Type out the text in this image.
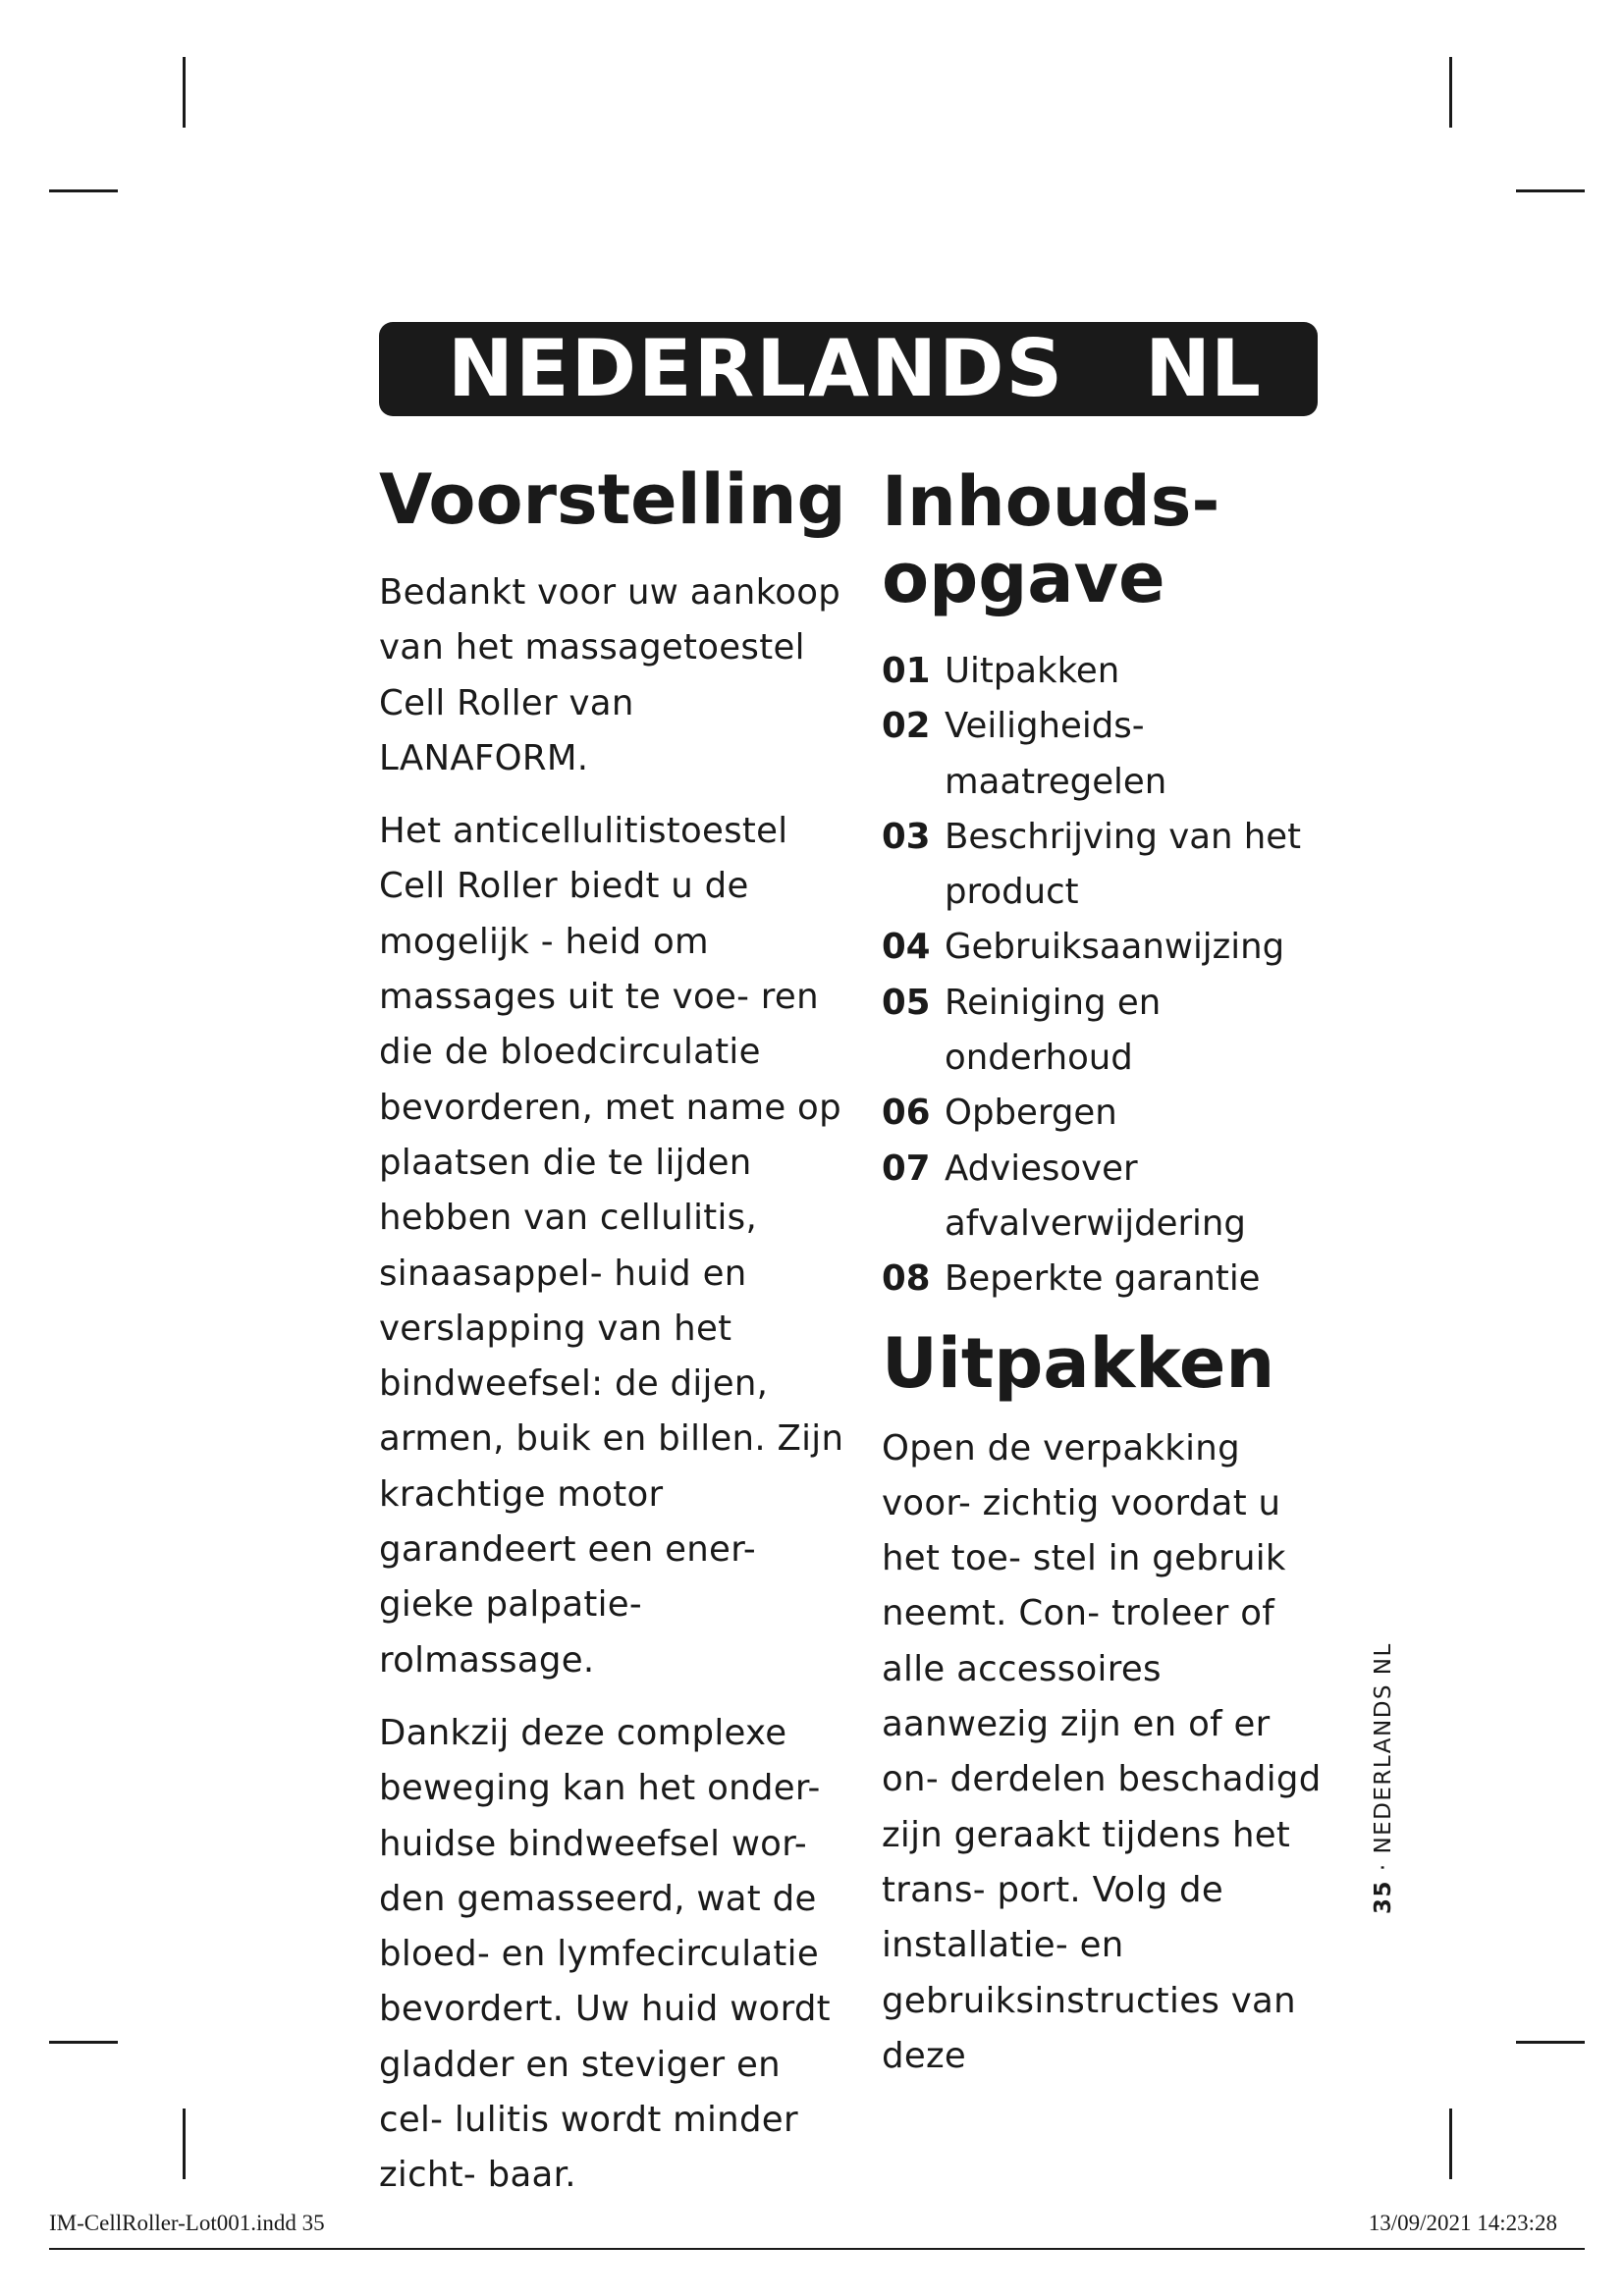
NEDERLANDS NL
Voorstelling

Bedankt voor uw aankoop van het massagetoestel Cell Roller van LANAFORM.

Het anticellulitistoestel Cell Roller biedt u de mogelijk - heid om massages uit te voe- ren die de bloedcirculatie bevorderen, met name op plaatsen die te lijden hebben van cellulitis, sinaasappel- huid en verslapping van het bindweefsel: de dijen, armen, buik en billen. Zijn krachtige motor garandeert een ener- gieke palpatie-rolmassage.

Dankzij deze complexe beweging kan het onder- huidse bindweefsel wor- den gemasseerd, wat de bloed- en lymfecirculatie bevordert. Uw huid wordt gladder en steviger en cel- lulitis wordt minder zicht- baar.

Inhouds- opgave
01 Uitpakken
02 Veiligheids- maatregelen
03 Beschrijving van het product
04 Gebruiksaanwijzing
05 Reiniging en onderhoud
06 Opbergen
07 Adviesover afvalverwijdering
08 Beperkte garantie
Uitpakken

Open de verpakking voor- zichtig voordat u het toe- stel in gebruik neemt. Con- troleer of alle accessoires aanwezig zijn en of er on- derdelen beschadigd zijn geraakt tijdens het trans- port. Volg de installatie- en gebruiksinstructies van deze

35 · NEDERLANDS NL
IM-CellRoller-Lot001.indd 35	13/09/2021 14:23:28
